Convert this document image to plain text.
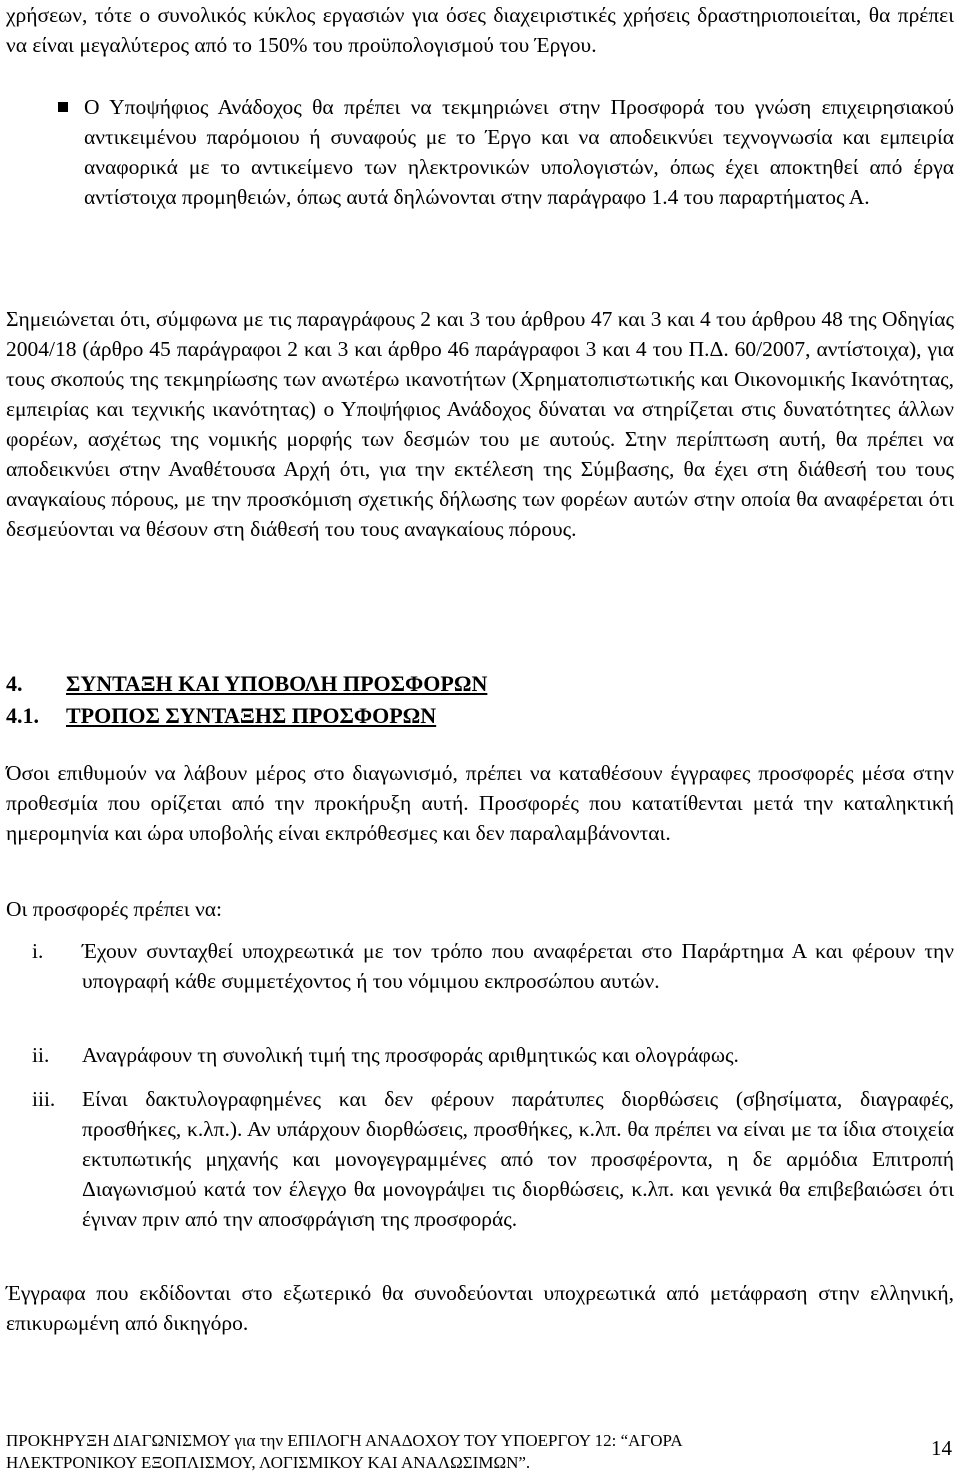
χρήσεων, τότε ο συνολικός κύκλος εργασιών για όσες διαχειριστικές χρήσεις δραστηριοποιείται, θα πρέπει να είναι μεγαλύτερος από το 150% του προϋπολογισμού του Έργου.
Ο Υποψήφιος Ανάδοχος θα πρέπει να τεκμηριώνει στην Προσφορά του γνώση επιχειρησιακού αντικειμένου παρόμοιου ή συναφούς με το Έργο και να αποδεικνύει τεχνογνωσία και εμπειρία αναφορικά με το αντικείμενο των ηλεκτρονικών υπολογιστών, όπως έχει αποκτηθεί από έργα αντίστοιχα προμηθειών, όπως αυτά δηλώνονται στην παράγραφο 1.4 του παραρτήματος Α.
Σημειώνεται ότι, σύμφωνα με τις παραγράφους 2 και 3 του άρθρου 47 και 3 και 4 του άρθρου 48 της Οδηγίας 2004/18 (άρθρο 45 παράγραφοι 2 και 3 και άρθρο 46 παράγραφοι 3 και 4 του Π.Δ. 60/2007, αντίστοιχα), για τους σκοπούς της τεκμηρίωσης των ανωτέρω ικανοτήτων (Χρηματοπιστωτικής και Οικονομικής Ικανότητας, εμπειρίας και τεχνικής ικανότητας) ο Υποψήφιος Ανάδοχος δύναται να στηρίζεται στις δυνατότητες άλλων φορέων, ασχέτως της νομικής μορφής των δεσμών του με αυτούς. Στην περίπτωση αυτή, θα πρέπει να αποδεικνύει στην Αναθέτουσα Αρχή ότι, για την εκτέλεση της Σύμβασης, θα έχει στη διάθεσή του τους αναγκαίους πόρους, με την προσκόμιση σχετικής δήλωσης των φορέων αυτών στην οποία θα αναφέρεται ότι δεσμεύονται να θέσουν στη διάθεσή του τους αναγκαίους πόρους.
4. ΣΥΝΤΑΞΗ ΚΑΙ ΥΠΟΒΟΛΗ ΠΡΟΣΦΟΡΩΝ
4.1. ΤΡΟΠΟΣ ΣΥΝΤΑΞΗΣ ΠΡΟΣΦΟΡΩΝ
Όσοι επιθυμούν να λάβουν μέρος στο διαγωνισμό, πρέπει να καταθέσουν έγγραφες προσφορές μέσα στην προθεσμία που ορίζεται από την προκήρυξη αυτή. Προσφορές που κατατίθενται μετά την καταληκτική ημερομηνία και ώρα υποβολής είναι εκπρόθεσμες και δεν παραλαμβάνονται.
Οι προσφορές πρέπει να:
i. Έχουν συνταχθεί υποχρεωτικά με τον τρόπο που αναφέρεται στο Παράρτημα Α και φέρουν την υπογραφή κάθε συμμετέχοντος ή του νόμιμου εκπροσώπου αυτών.
ii. Αναγράφουν τη συνολική τιμή της προσφοράς αριθμητικώς και ολογράφως.
iii. Είναι δακτυλογραφημένες και δεν φέρουν παράτυπες διορθώσεις (σβησίματα, διαγραφές, προσθήκες, κ.λπ.). Αν υπάρχουν διορθώσεις, προσθήκες, κ.λπ. θα πρέπει να είναι με τα ίδια στοιχεία εκτυπωτικής μηχανής και μονογεγραμμένες από τον προσφέροντα, η δε αρμόδια Επιτροπή Διαγωνισμού κατά τον έλεγχο θα μονογράψει τις διορθώσεις, κ.λπ. και γενικά θα επιβεβαιώσει ότι έγιναν πριν από την αποσφράγιση της προσφοράς.
Έγγραφα που εκδίδονται στο εξωτερικό θα συνοδεύονται υποχρεωτικά από μετάφραση στην ελληνική, επικυρωμένη από δικηγόρο.
ΠΡΟΚΗΡΥΞΗ ΔΙΑΓΩΝΙΣΜΟΥ για την ΕΠΙΛΟΓΗ ΑΝΑΔΟΧΟΥ ΤΟΥ ΥΠΟΕΡΓΟΥ 12: “ΑΓΟΡΑ
ΗΛΕΚΤΡΟΝΙΚΟΥ ΕΞΟΠΛΙΣΜΟΥ, ΛΟΓΙΣΜΙΚΟΥ ΚΑΙ ΑΝΑΛΩΣΙΜΩΝ”.
14
